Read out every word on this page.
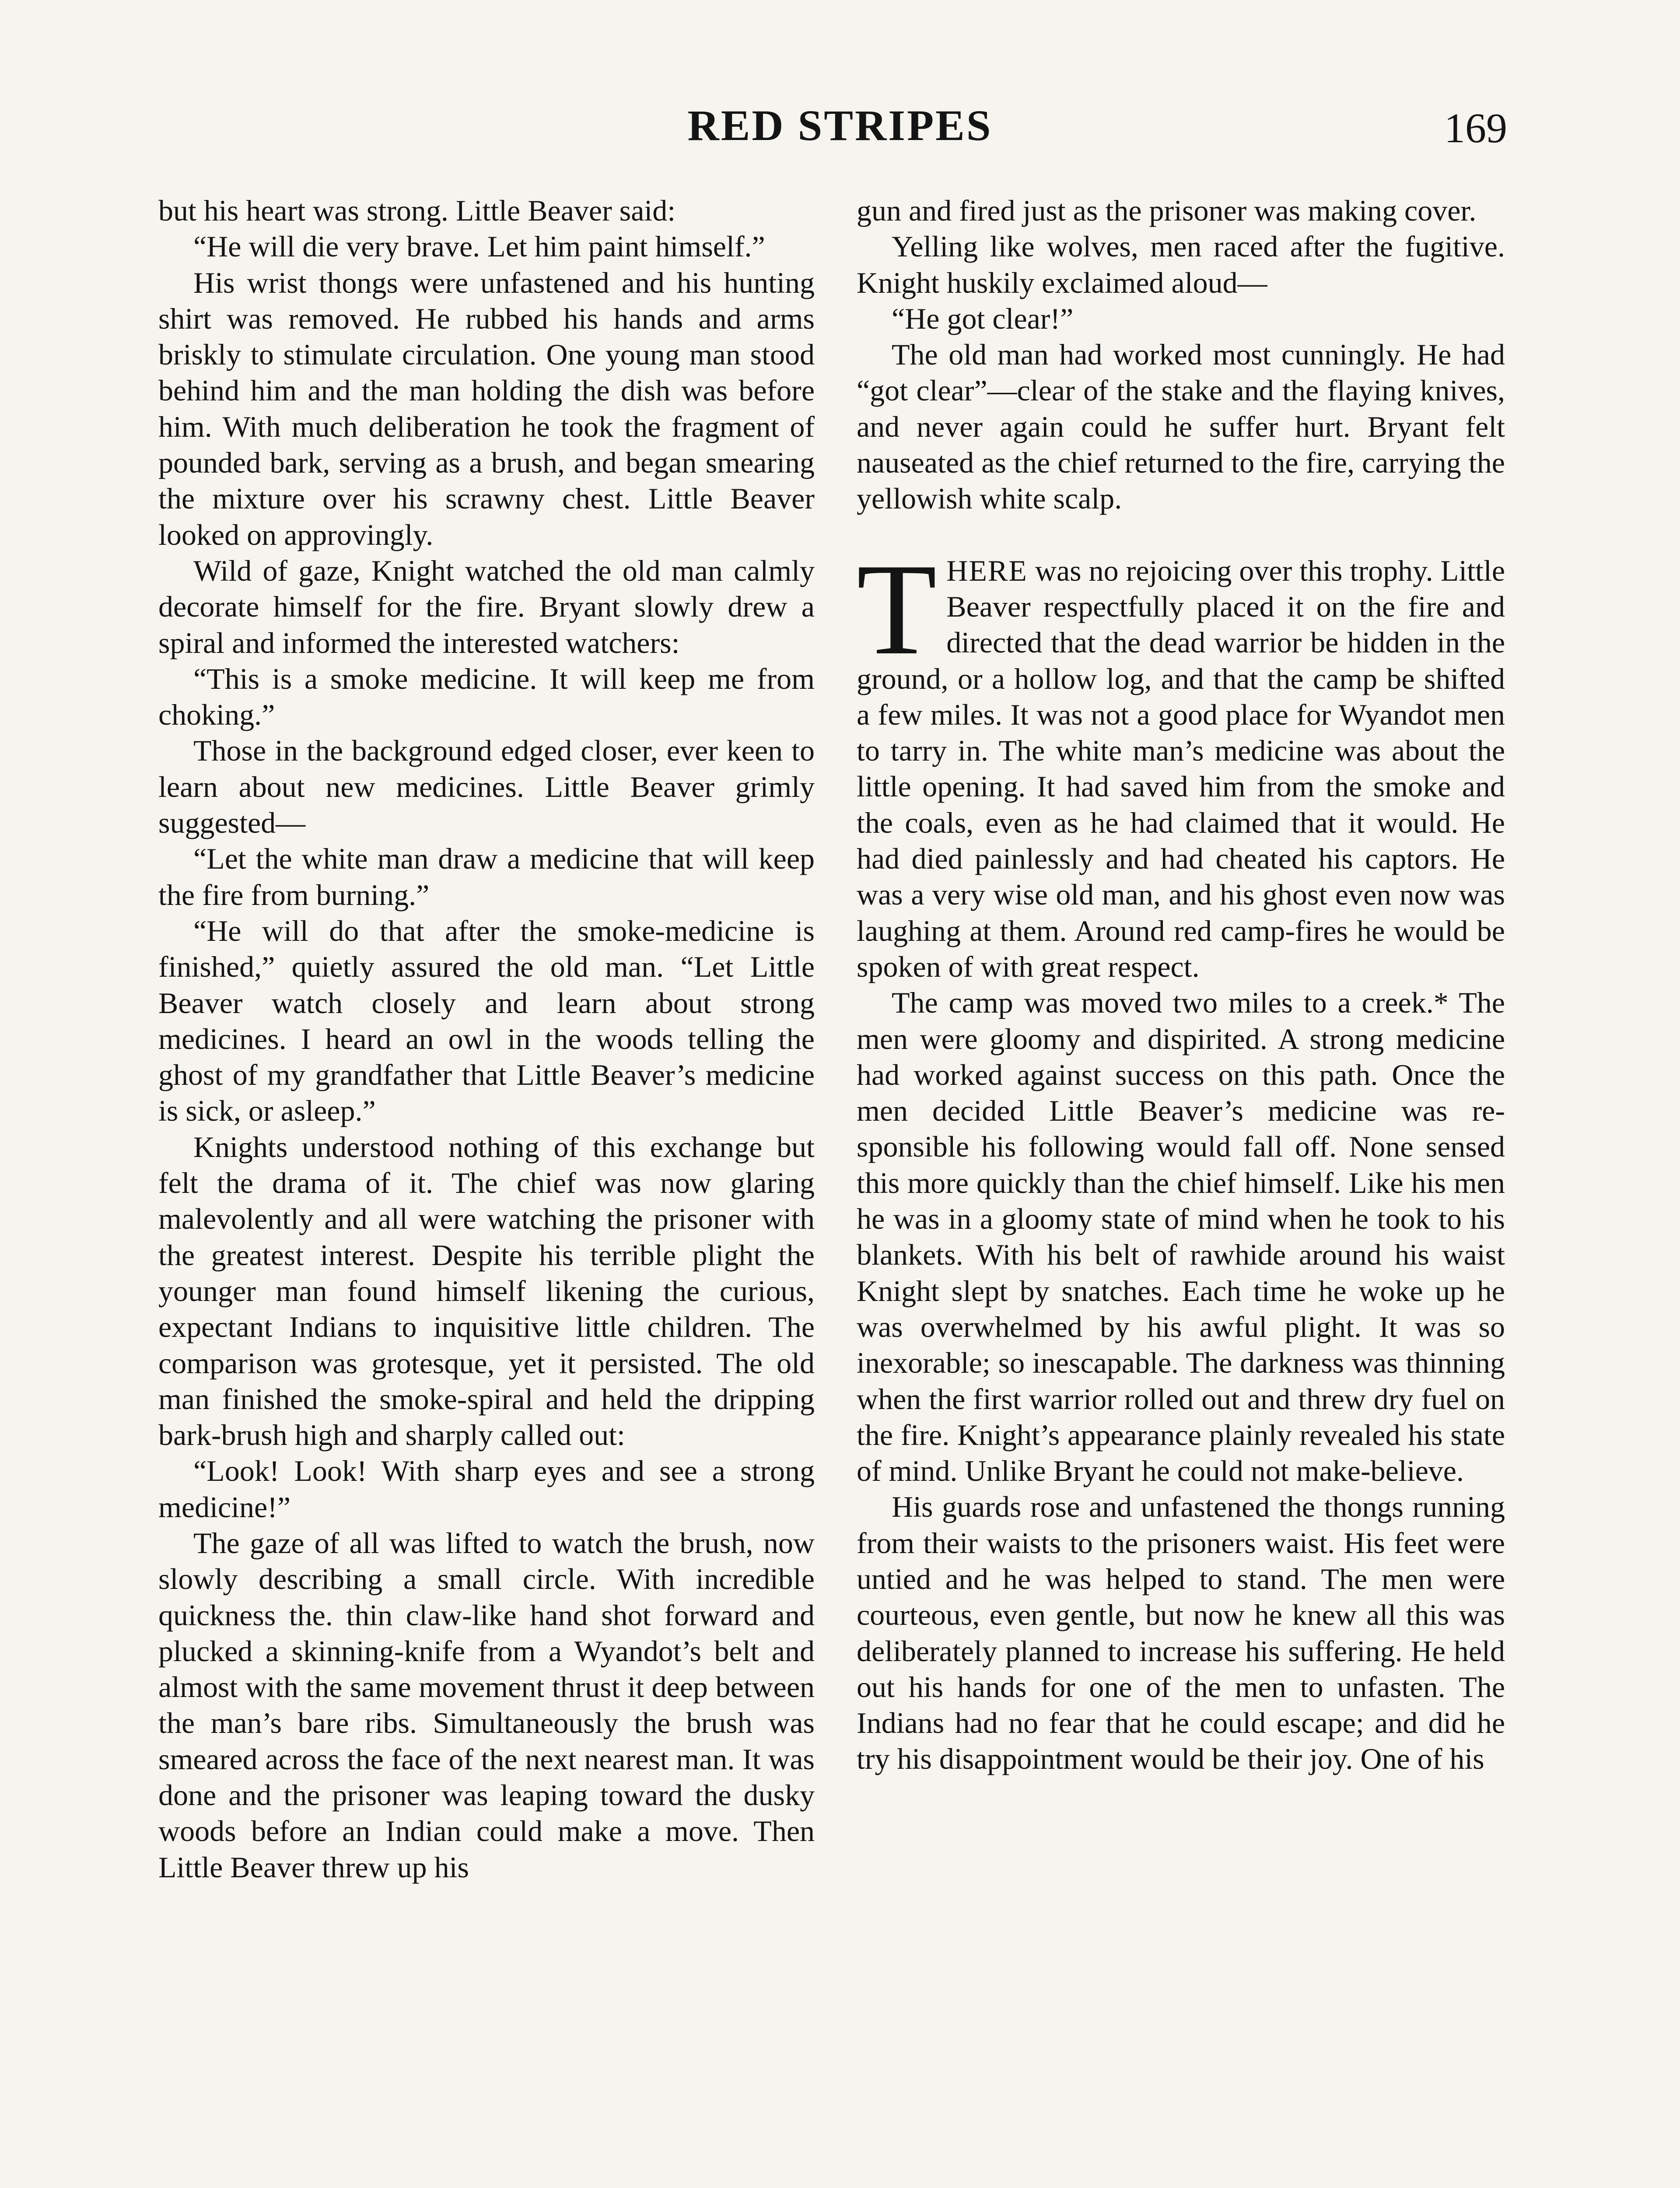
RED STRIPES	169

but his heart was strong. Little Beaver said:

“He will die very brave. Let him paint himself.”

His wrist thongs were unfastened and his hunting shirt was removed. He rubbed his hands and arms briskly to stimulate circulation. One young man stood behind him and the man holding the dish was before him. With much deliberation he took the fragment of pounded bark, serving as a brush, and began smearing the mixture over his scrawny chest. Little Beaver looked on approvingly.

Wild of gaze, Knight watched the old man calmly decorate himself for the fire. Bryant slowly drew a spiral and informed the interested watchers:

“This is a smoke medicine. It will keep me from choking.”

Those in the background edged closer, ever keen to learn about new medicines. Little Beaver grimly suggested—

“Let the white man draw a medicine that will keep the fire from burning.”

“He will do that after the smoke-medicine is finished,” quietly assured the old man. “Let Little Beaver watch closely and learn about strong medicines. I heard an owl in the woods telling the ghost of my grandfather that Little Beaver’s medicine is sick, or asleep.”

Knights understood nothing of this exchange but felt the drama of it. The chief was now glaring malevolently and all were watching the prisoner with the greatest interest. Despite his terrible plight the younger man found himself likening the curious, expectant Indians to inquisitive little children. The comparison was grotesque, yet it persisted. The old man finished the smoke-spiral and held the dripping bark-brush high and sharply called out:

“Look! Look! With sharp eyes and see a strong medicine!”

The gaze of all was lifted to watch the brush, now slowly describing a small circle. With incredible quickness the. thin claw-like hand shot forward and plucked a skinning-knife from a Wyandot’s belt and almost with the same movement thrust it deep between the man’s bare ribs. Simultaneously the brush was smeared across the face of the next nearest man. It was done and the prisoner was leaping toward the dusky woods before an Indian could make a move. Then Little Beaver threw up his

gun and fired just as the prisoner was making cover.

Yelling like wolves, men raced after the fugitive. Knight huskily exclaimed aloud—

“He got clear!”

The old man had worked most cunningly. He had “got clear”—clear of the stake and the flaying knives, and never again could he suffer hurt. Bryant felt nauseated as the chief returned to the fire, carrying the yellowish white scalp.

THERE was no rejoicing over this trophy. Little Beaver respectfully placed it on the fire and directed that the dead warrior be hidden in the ground, or a hollow log, and that the camp be shifted a few miles. It was not a good place for Wyandot men to tarry in. The white man’s medicine was about the little opening. It had saved him from the smoke and the coals, even as he had claimed that it would. He had died painlessly and had cheated his captors. He was a very wise old man, and his ghost even now was laughing at them. Around red camp-fires he would be spoken of with great respect.

The camp was moved two miles to a creek.* The men were gloomy and dispirited. A strong medicine had worked against success on this path. Once the men decided Little Beaver’s medicine was responsible his following would fall off. None sensed this more quickly than the chief himself. Like his men he was in a gloomy state of mind when he took to his blankets. With his belt of rawhide around his waist Knight slept by snatches. Each time he woke up he was overwhelmed by his awful plight. It was so inexorable; so inescapable. The darkness was thinning when the first warrior rolled out and threw dry fuel on the fire. Knight’s appearance plainly revealed his state of mind. Unlike Bryant he could not make-believe.

His guards rose and unfastened the thongs running from their waists to the prisoners waist. His feet were untied and he was helped to stand. The men were courteous, even gentle, but now he knew all this was deliberately planned to increase his suffering. He held out his hands for one of the men to unfasten. The Indians had no fear that he could escape; and did he try his disappointment would be their joy. One of his
